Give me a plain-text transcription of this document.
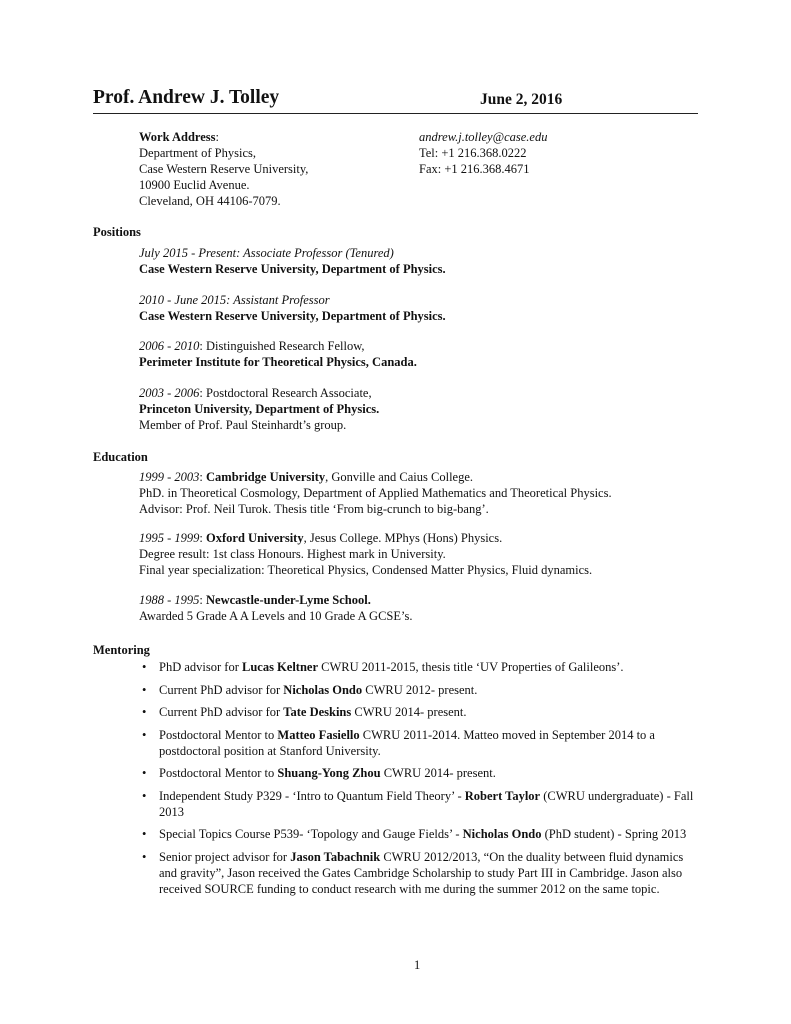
Prof. Andrew J. Tolley	June 2, 2016
Work Address:
Department of Physics,
Case Western Reserve University,
10900 Euclid Avenue.
Cleveland, OH 44106-7079.
andrew.j.tolley@case.edu
Tel: +1 216.368.0222
Fax: +1 216.368.4671
Positions
July 2015 - Present: Associate Professor (Tenured)
Case Western Reserve University, Department of Physics.
2010 - June 2015: Assistant Professor
Case Western Reserve University, Department of Physics.
2006 - 2010: Distinguished Research Fellow,
Perimeter Institute for Theoretical Physics, Canada.
2003 - 2006: Postdoctoral Research Associate,
Princeton University, Department of Physics.
Member of Prof. Paul Steinhardt’s group.
Education
1999 - 2003: Cambridge University, Gonville and Caius College.
PhD. in Theoretical Cosmology, Department of Applied Mathematics and Theoretical Physics.
Advisor: Prof. Neil Turok. Thesis title ‘From big-crunch to big-bang’.
1995 - 1999: Oxford University, Jesus College. MPhys (Hons) Physics.
Degree result: 1st class Honours. Highest mark in University.
Final year specialization: Theoretical Physics, Condensed Matter Physics, Fluid dynamics.
1988 - 1995: Newcastle-under-Lyme School.
Awarded 5 Grade A A Levels and 10 Grade A GCSE’s.
Mentoring
• PhD advisor for Lucas Keltner CWRU 2011-2015, thesis title ‘UV Properties of Galileons’.
• Current PhD advisor for Nicholas Ondo CWRU 2012- present.
• Current PhD advisor for Tate Deskins CWRU 2014- present.
• Postdoctoral Mentor to Matteo Fasiello CWRU 2011-2014. Matteo moved in September 2014 to a postdoctoral position at Stanford University.
• Postdoctoral Mentor to Shuang-Yong Zhou CWRU 2014- present.
• Independent Study P329 - ‘Intro to Quantum Field Theory’ - Robert Taylor (CWRU undergraduate) - Fall 2013
• Special Topics Course P539- ‘Topology and Gauge Fields’ - Nicholas Ondo (PhD student) - Spring 2013
• Senior project advisor for Jason Tabachnik CWRU 2012/2013, “On the duality between fluid dynamics and gravity”, Jason received the Gates Cambridge Scholarship to study Part III in Cambridge. Jason also received SOURCE funding to conduct research with me during the summer 2012 on the same topic.
1
